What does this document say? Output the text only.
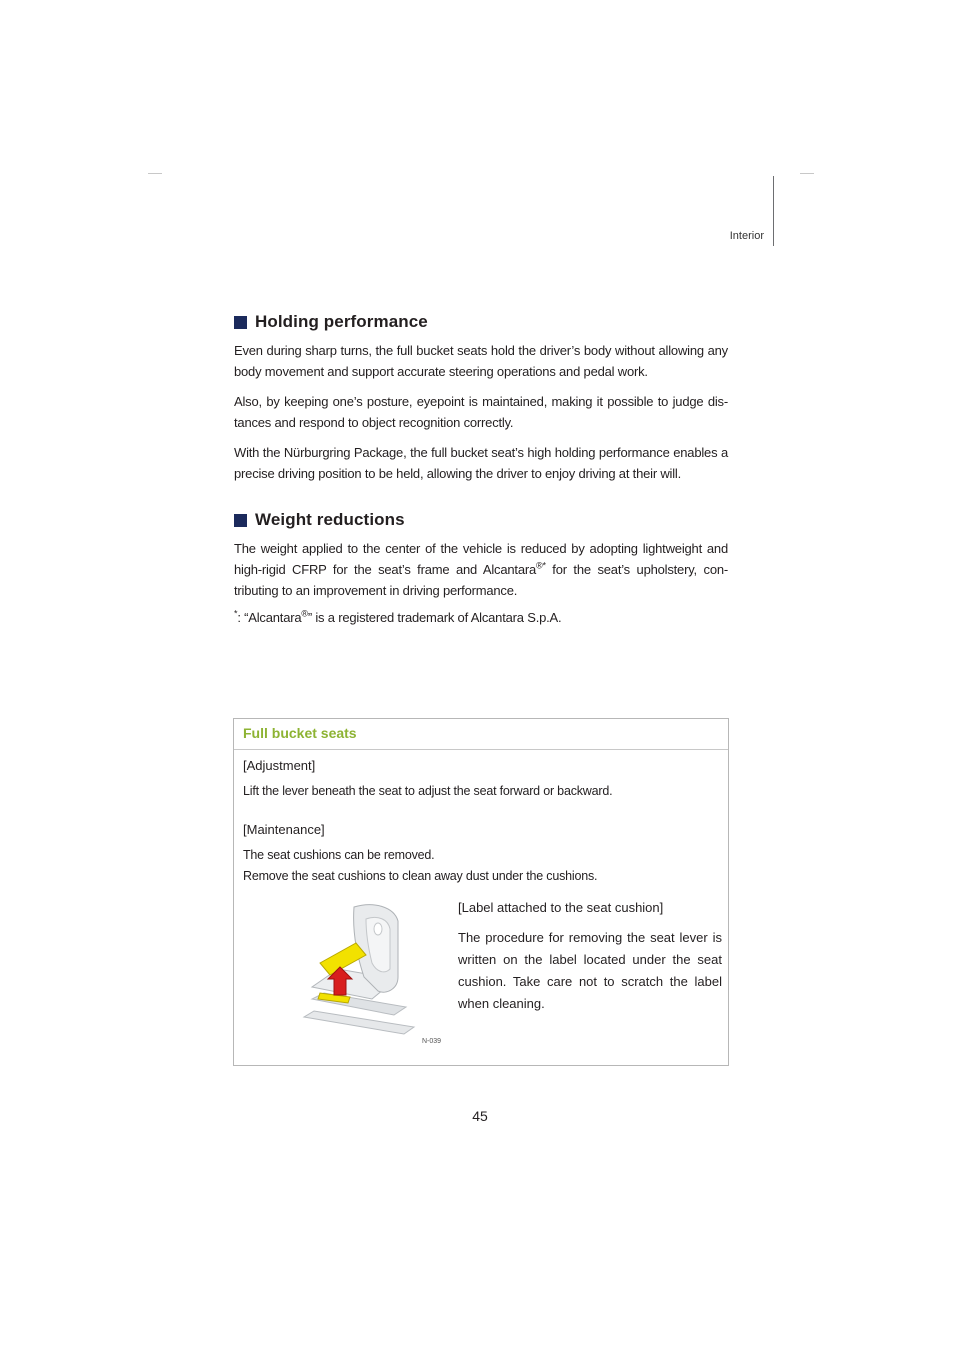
Interior
Holding performance

Even during sharp turns, the full bucket seats hold the driver’s body without allowing any body movement and support accurate steering operations and pedal work.

Also, by keeping one’s posture, eyepoint is maintained, making it possible to judge dis-tances and respond to object recognition correctly.

With the Nürburgring Package, the full bucket seat’s high holding performance enables a precise driving position to be held, allowing the driver to enjoy driving at their will.

Weight reductions

The weight applied to the center of the vehicle is reduced by adopting lightweight and high-rigid CFRP for the seat’s frame and Alcantara®* for the seat’s upholstery, con-tributing to an improvement in driving performance.

*: “Alcantara®” is a registered trademark of Alcantara S.p.A.

Full bucket seats

[Adjustment]

Lift the lever beneath the seat to adjust the seat forward or backward.

[Maintenance]

The seat cushions can be removed.

Remove the seat cushions to clean away dust under the cushions.

N-039

[Label attached to the seat cushion]

The procedure for removing the seat lever is written on the label located under the seat cushion. Take care not to scratch the label when cleaning.

45
